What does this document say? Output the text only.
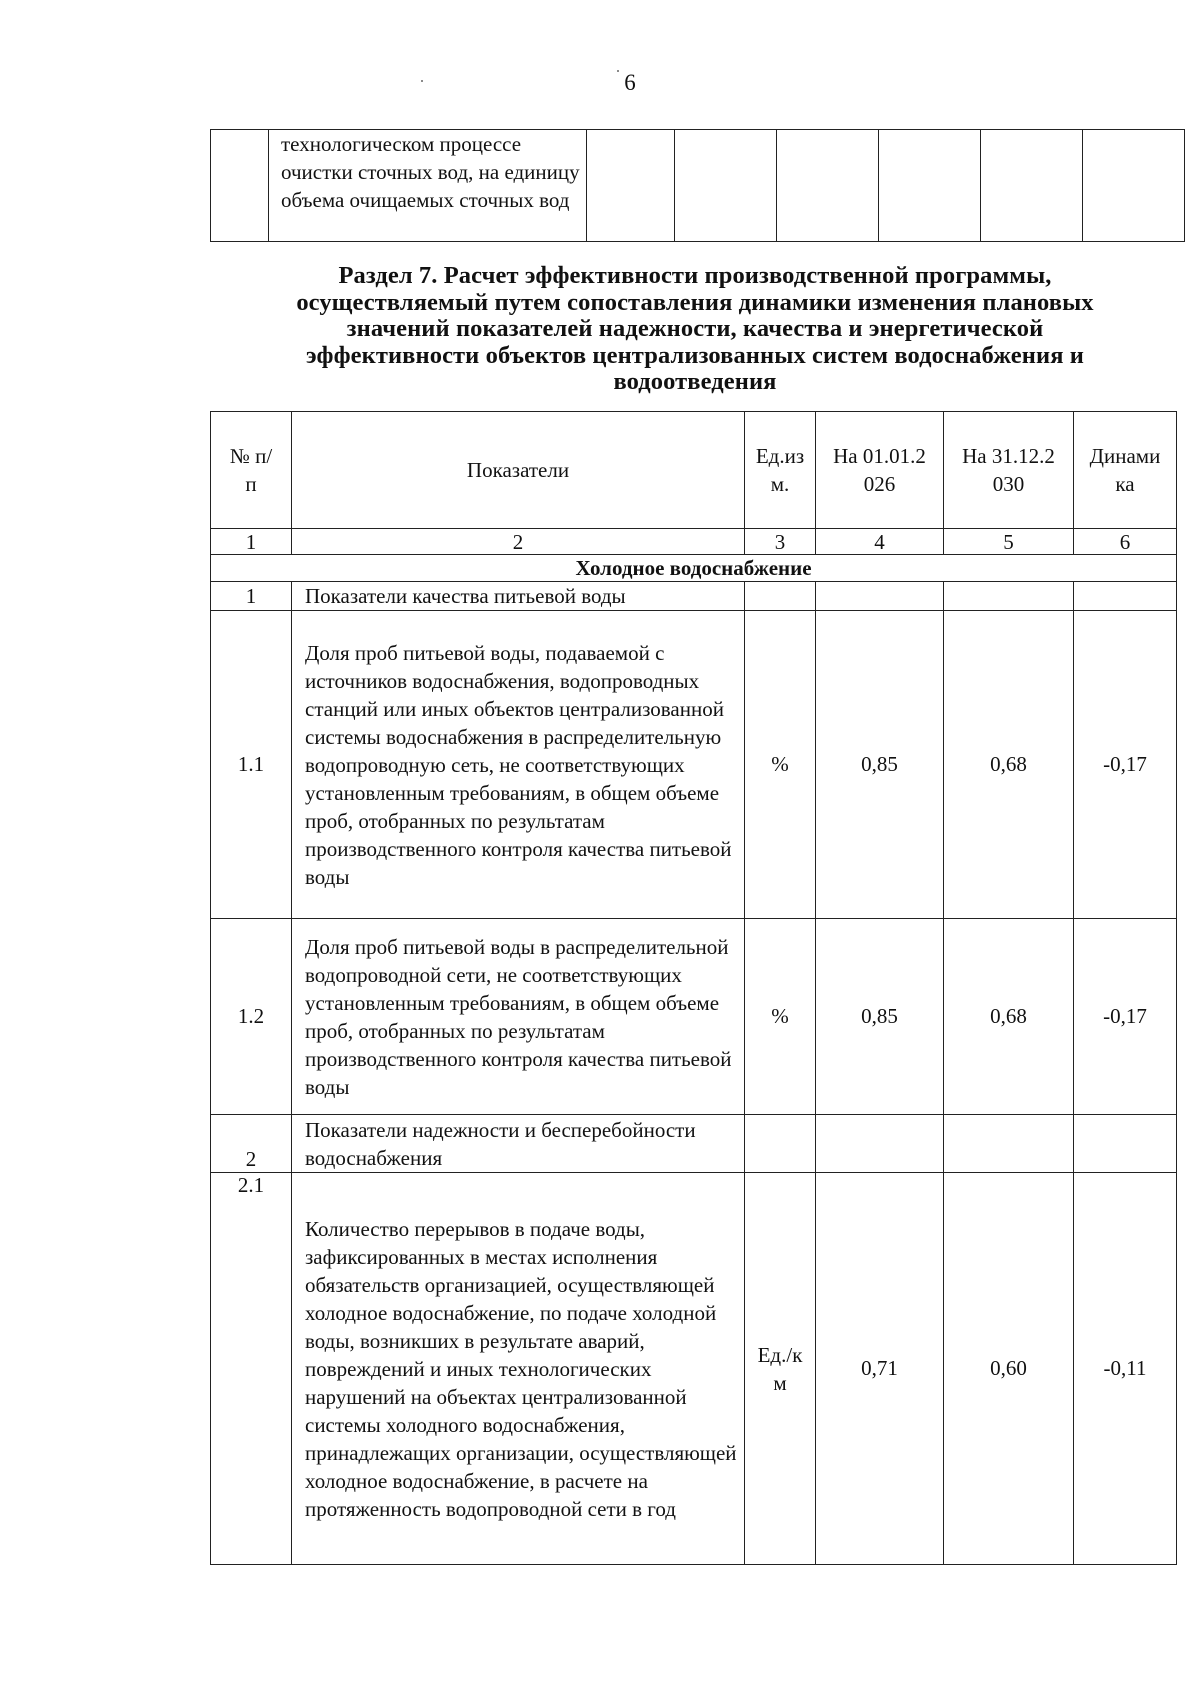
6
	технологическом процессе очистки сточных вод, на единицу объема очищаемых сточных вод						
Раздел 7. Расчет эффективности производственной программы,
осуществляемый путем сопоставления динамики изменения плановых
значений показателей надежности, качества и энергетической
эффективности объектов централизованных систем водоснабжения и
водоотведения
№ п/п	Показатели	Ед.изм.	На 01.01.2026	На 31.12.2030	Динамика
1	2	3	4	5	6
Холодное водоснабжение					
1	Показатели качества питьевой воды				
1.1	Доля проб питьевой воды, подаваемой с источников водоснабжения, водопроводных станций или иных объектов централизованной системы водоснабжения в распределительную водопроводную сеть, не соответствующих установленным требованиям, в общем объеме проб, отобранных по результатам производственного контроля качества питьевой воды	%	0,85	0,68	-0,17
1.2	Доля проб питьевой воды в распределительной водопроводной сети, не соответствующих установленным требованиям, в общем объеме проб, отобранных по результатам производственного контроля качества питьевой воды	%	0,85	0,68	-0,17
2	Показатели надежности и бесперебойности водоснабжения				
2.1	Количество перерывов в подаче воды, зафиксированных в местах исполнения обязательств организацией, осуществляющей холодное водоснабжение, по подаче холодной воды, возникших в результате аварий, повреждений и иных технологических нарушений на объектах централизованной системы холодного водоснабжения, принадлежащих организации, осуществляющей холодное водоснабжение, в расчете на протяженность водопроводной сети в год	Ед./км	0,71	0,60	-0,11
